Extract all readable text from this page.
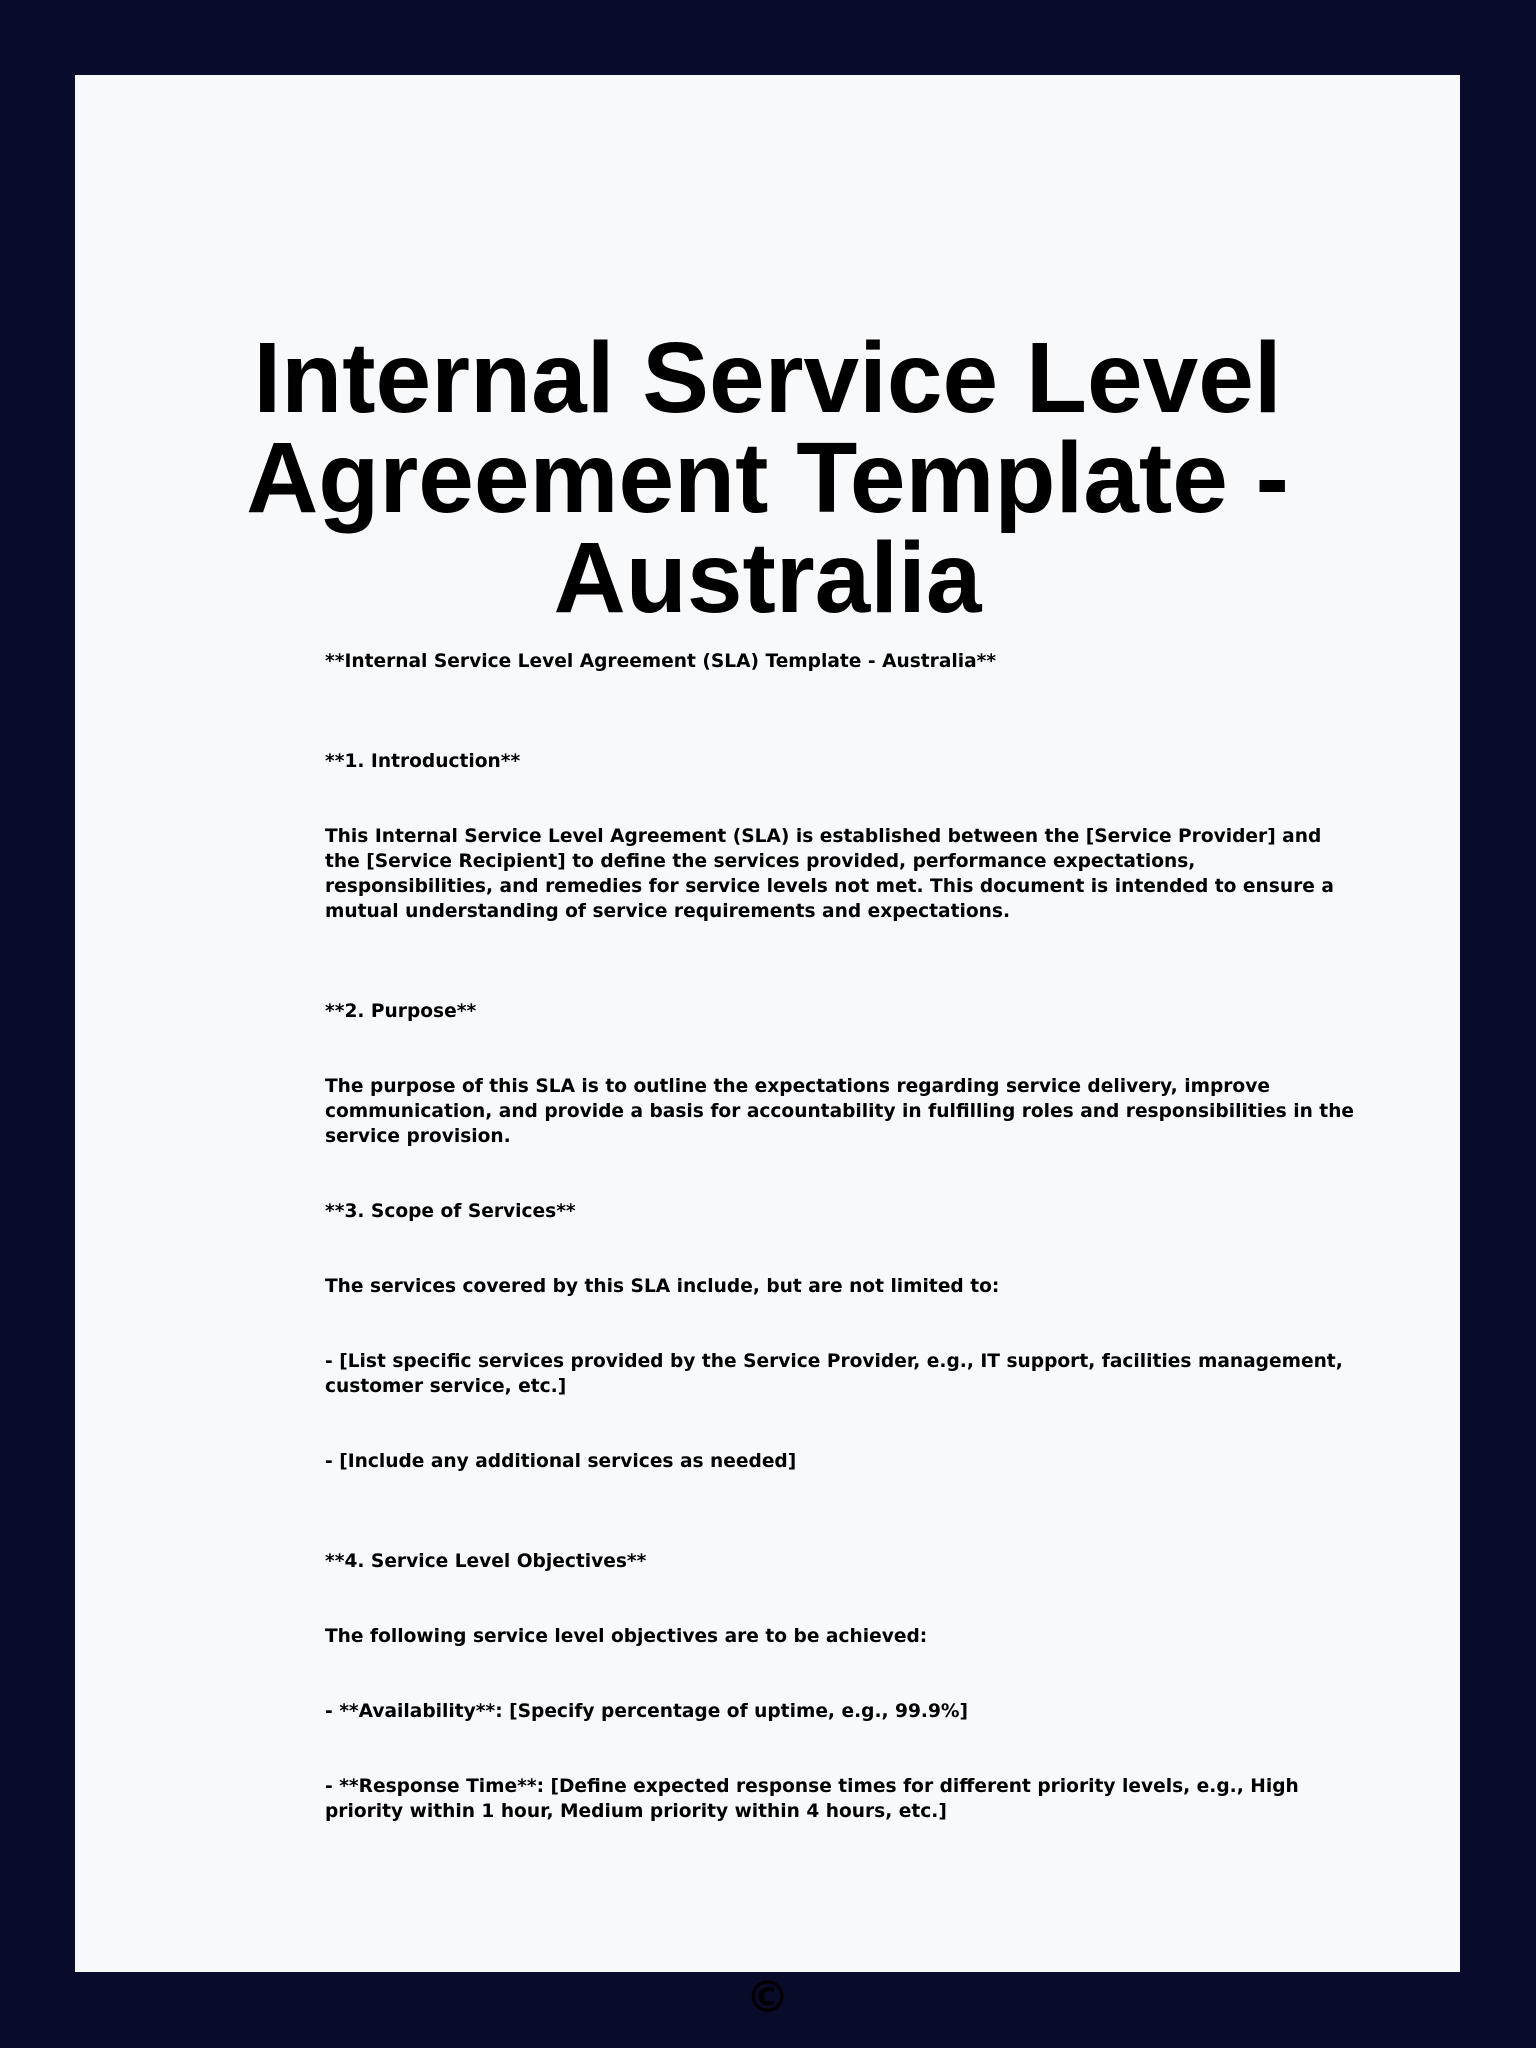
Internal Service Level
Agreement Template -
Australia

**Internal Service Level Agreement (SLA) Template - Australia**

**1. Introduction**

This Internal Service Level Agreement (SLA) is established between the [Service Provider] and the [Service Recipient] to define the services provided, performance expectations, responsibilities, and remedies for service levels not met. This document is intended to ensure a mutual understanding of service requirements and expectations.

**2. Purpose**

The purpose of this SLA is to outline the expectations regarding service delivery, improve communication, and provide a basis for accountability in fulfilling roles and responsibilities in the service provision.

**3. Scope of Services**

The services covered by this SLA include, but are not limited to:

- [List specific services provided by the Service Provider, e.g., IT support, facilities management, customer service, etc.]

- [Include any additional services as needed]

**4. Service Level Objectives**

The following service level objectives are to be achieved:

- **Availability**: [Specify percentage of uptime, e.g., 99.9%]

- **Response Time**: [Define expected response times for different priority levels, e.g., High priority within 1 hour, Medium priority within 4 hours, etc.]

©
